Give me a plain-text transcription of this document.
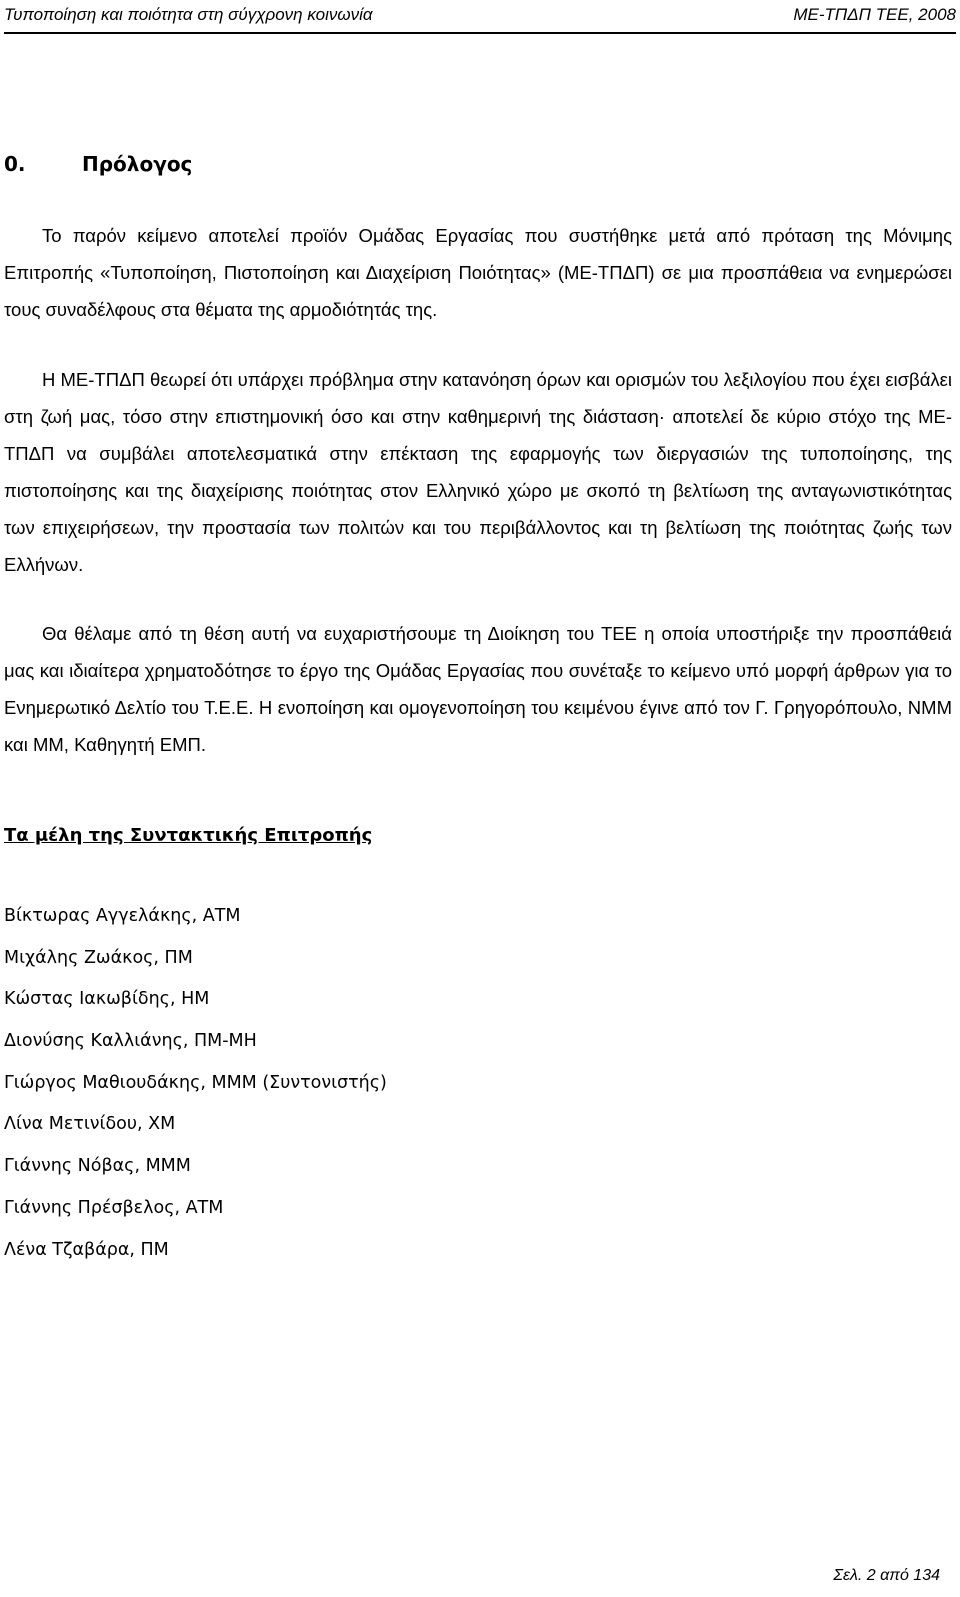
Τυποποίηση και ποιότητα στη σύγχρονη κοινωνία	ΜΕ-ΤΠΔΠ ΤΕΕ, 2008
0.	Πρόλογος

Το παρόν κείμενο αποτελεί προϊόν Ομάδας Εργασίας που συστήθηκε μετά από πρόταση της Μόνιμης Επιτροπής «Τυποποίηση, Πιστοποίηση και Διαχείριση Ποιότητας» (ΜΕ-ΤΠΔΠ) σε μια προσπάθεια να ενημερώσει τους συναδέλφους στα θέματα της αρμοδιότητάς της.

Η ΜΕ-ΤΠΔΠ θεωρεί ότι υπάρχει πρόβλημα στην κατανόηση όρων και ορισμών του λεξιλογίου που έχει εισβάλει στη ζωή μας, τόσο στην επιστημονική όσο και στην καθημερινή της διάσταση· αποτελεί δε κύριο στόχο της ΜΕ-ΤΠΔΠ να συμβάλει αποτελεσματικά στην επέκταση της εφαρμογής των διεργασιών της τυποποίησης, της πιστοποίησης και της διαχείρισης ποιότητας στον Ελληνικό χώρο με σκοπό τη βελτίωση της ανταγωνιστικότητας των επιχειρήσεων, την προστασία των πολιτών και του περιβάλλοντος και τη βελτίωση της ποιότητας ζωής των Ελλήνων.

Θα θέλαμε από τη θέση αυτή να ευχαριστήσουμε τη Διοίκηση του ΤΕΕ η οποία υποστήριξε την προσπάθειά μας και ιδιαίτερα χρηματοδότησε το έργο της Ομάδας Εργασίας που συνέταξε το κείμενο υπό μορφή άρθρων για το Ενημερωτικό Δελτίο του Τ.Ε.Ε. Η ενοποίηση και ομογενοποίηση του κειμένου έγινε από τον Γ. Γρηγορόπουλο, ΝΜΜ και ΜΜ, Καθηγητή ΕΜΠ.

Τα μέλη της Συντακτικής Επιτροπής
Βίκτωρας Αγγελάκης, ΑΤΜ
Μιχάλης Ζωάκος, ΠΜ
Κώστας Ιακωβίδης, ΗΜ
Διονύσης Καλλιάνης, ΠΜ-ΜΗ
Γιώργος Μαθιουδάκης, ΜΜΜ (Συντονιστής)
Λίνα Μετινίδου, ΧΜ
Γιάννης Νόβας, ΜΜΜ
Γιάννης Πρέσβελος, ΑΤΜ
Λένα Τζαβάρα, ΠΜ
Σελ. 2 από 134
